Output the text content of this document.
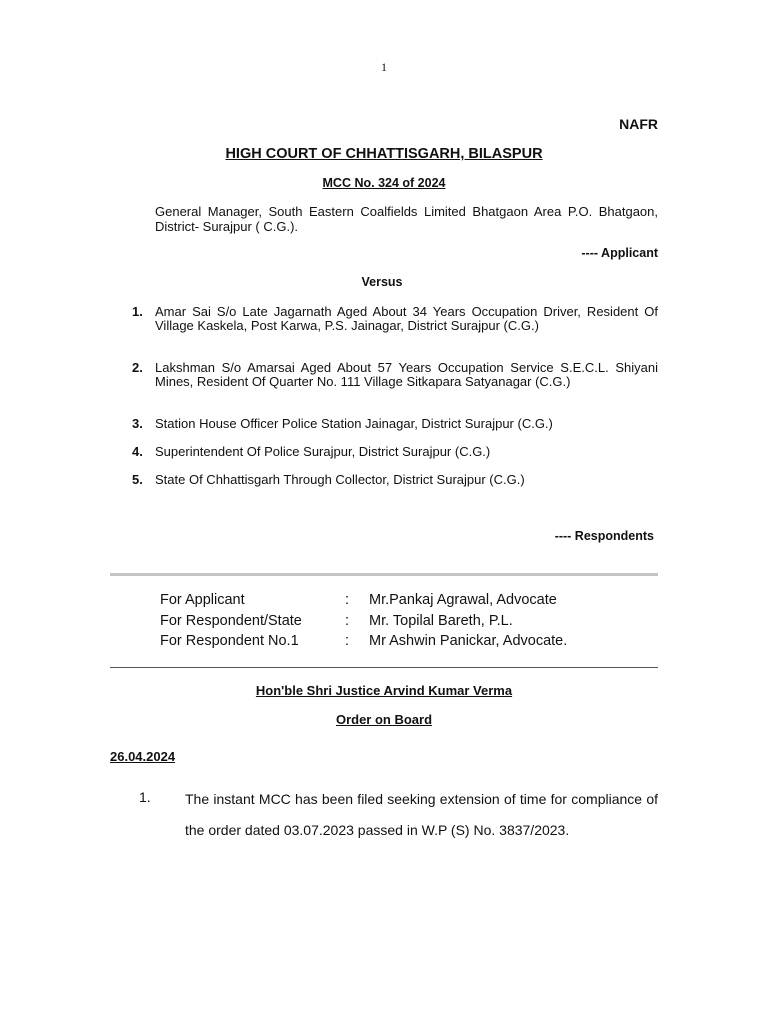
1
NAFR
HIGH COURT OF CHHATTISGARH, BILASPUR
MCC No. 324 of 2024
General Manager, South Eastern Coalfields Limited Bhatgaon Area P.O. Bhatgaon, District- Surajpur ( C.G.).
---- Applicant
Versus
1. Amar Sai S/o Late Jagarnath Aged About 34 Years Occupation Driver, Resident Of Village Kaskela, Post Karwa, P.S. Jainagar, District Surajpur (C.G.)
2. Lakshman S/o Amarsai Aged About 57 Years Occupation Service S.E.C.L. Shiyani Mines, Resident Of Quarter No. 111 Village Sitkapara Satyanagar (C.G.)
3. Station House Officer Police Station Jainagar, District Surajpur (C.G.)
4. Superintendent Of Police Surajpur, District Surajpur (C.G.)
5. State Of Chhattisgarh Through Collector, District Surajpur (C.G.)
---- Respondents
For Applicant	: Mr.Pankaj Agrawal, Advocate
For Respondent/State	: Mr. Topilal Bareth, P.L.
For Respondent No.1	: Mr Ashwin Panickar, Advocate.
Hon'ble Shri Justice Arvind Kumar Verma
Order on Board
26.04.2024
1. The instant MCC has been filed seeking extension of time for compliance of the order dated 03.07.2023 passed in W.P (S) No. 3837/2023.
